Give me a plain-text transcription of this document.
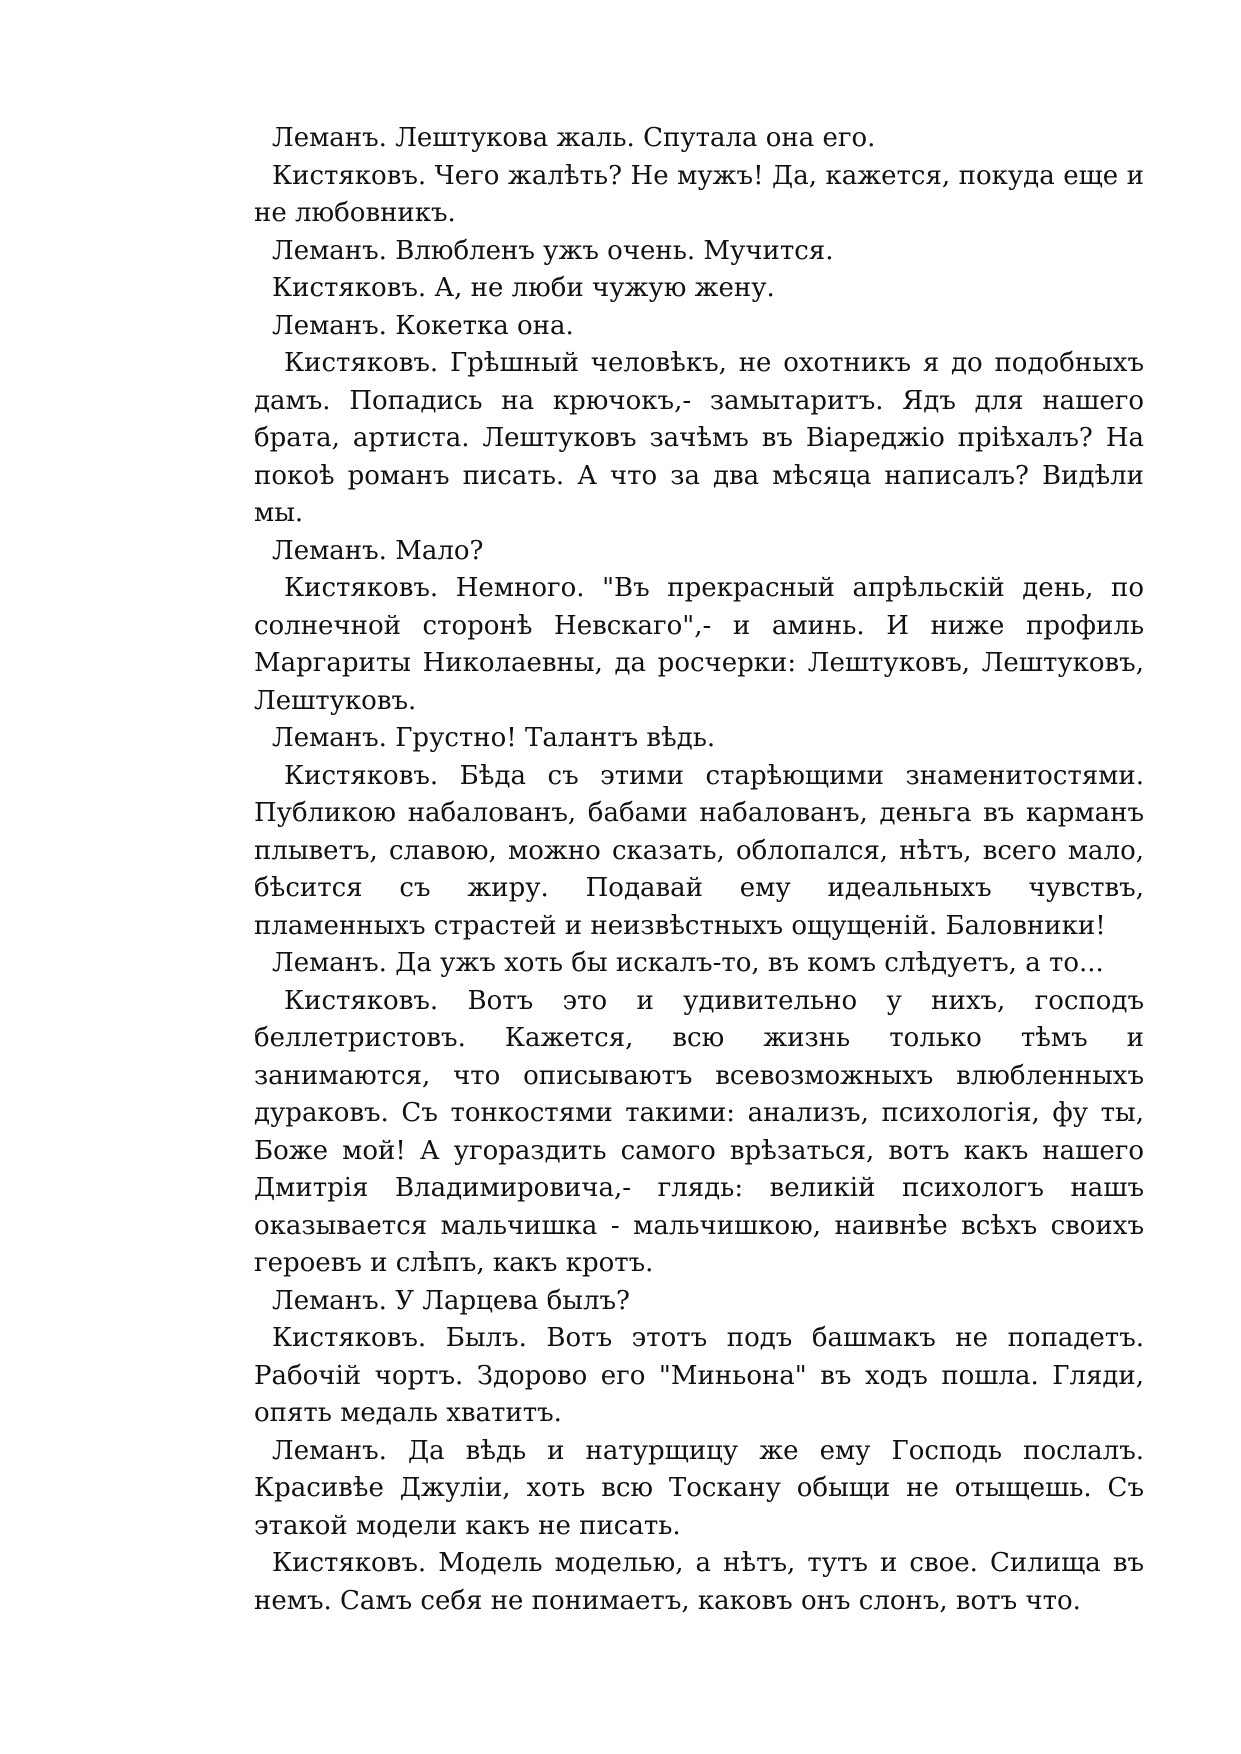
Леманъ. Лештукова жаль. Спутала она его.

Кистяковъ. Чего жалѣть? Не мужъ! Да, кажется, покуда еще и не любовникъ.

Леманъ. Влюбленъ ужъ очень. Мучится.

Кистяковъ. А, не люби чужую жену.

Леманъ. Кокетка она.

Кистяковъ. Грѣшный человѣкъ, не охотникъ я до подобныхъ дамъ. Попадись на крючокъ,- замытаритъ. Ядъ для нашего брата, артиста. Лештуковъ зачѣмъ въ Віареджіо пріѣхалъ? На покоѣ романъ писать. А что за два мѣсяца написалъ? Видѣли мы.

Леманъ. Мало?

Кистяковъ. Немного. "Въ прекрасный апрѣльскій день, по солнечной сторонѣ Невскаго",- и аминь. И ниже профиль Маргариты Николаевны, да росчерки: Лештуковъ, Лештуковъ, Лештуковъ.

Леманъ. Грустно! Талантъ вѣдь.

Кистяковъ. Бѣда съ этими старѣющими знаменитостями. Публикою набалованъ, бабами набалованъ, деньга въ карманъ плыветъ, славою, можно сказать, облопался, нѣтъ, всего мало, бѣсится съ жиру. Подавай ему идеальныхъ чувствъ, пламенныхъ страстей и неизвѣстныхъ ощущеній. Баловники!

Леманъ. Да ужъ хоть бы искалъ-то, въ комъ слѣдуетъ, а то...

Кистяковъ. Вотъ это и удивительно у нихъ, господъ беллетристовъ. Кажется, всю жизнь только тѣмъ и занимаются, что описываютъ всевозможныхъ влюбленныхъ дураковъ. Съ тонкостями такими: анализъ, психологія, фу ты, Боже мой! А угораздить самого врѣзаться, вотъ какъ нашего Дмитрія Владимировича,- глядь: великій психологъ нашъ оказывается мальчишка - мальчишкою, наивнѣе всѣхъ своихъ героевъ и слѣпъ, какъ кротъ.

Леманъ. У Ларцева былъ?

Кистяковъ. Былъ. Вотъ этотъ подъ башмакъ не попадетъ. Рабочій чортъ. Здорово его "Миньона" въ ходъ пошла. Гляди, опять медаль хватитъ.

Леманъ. Да вѣдь и натурщицу же ему Господь послалъ. Красивѣе Джуліи, хоть всю Тоскану обыщи не отыщешь. Съ этакой модели какъ не писать.

Кистяковъ. Модель моделью, а нѣтъ, тутъ и свое. Силища въ немъ. Самъ себя не понимаетъ, каковъ онъ слонъ, вотъ что.
